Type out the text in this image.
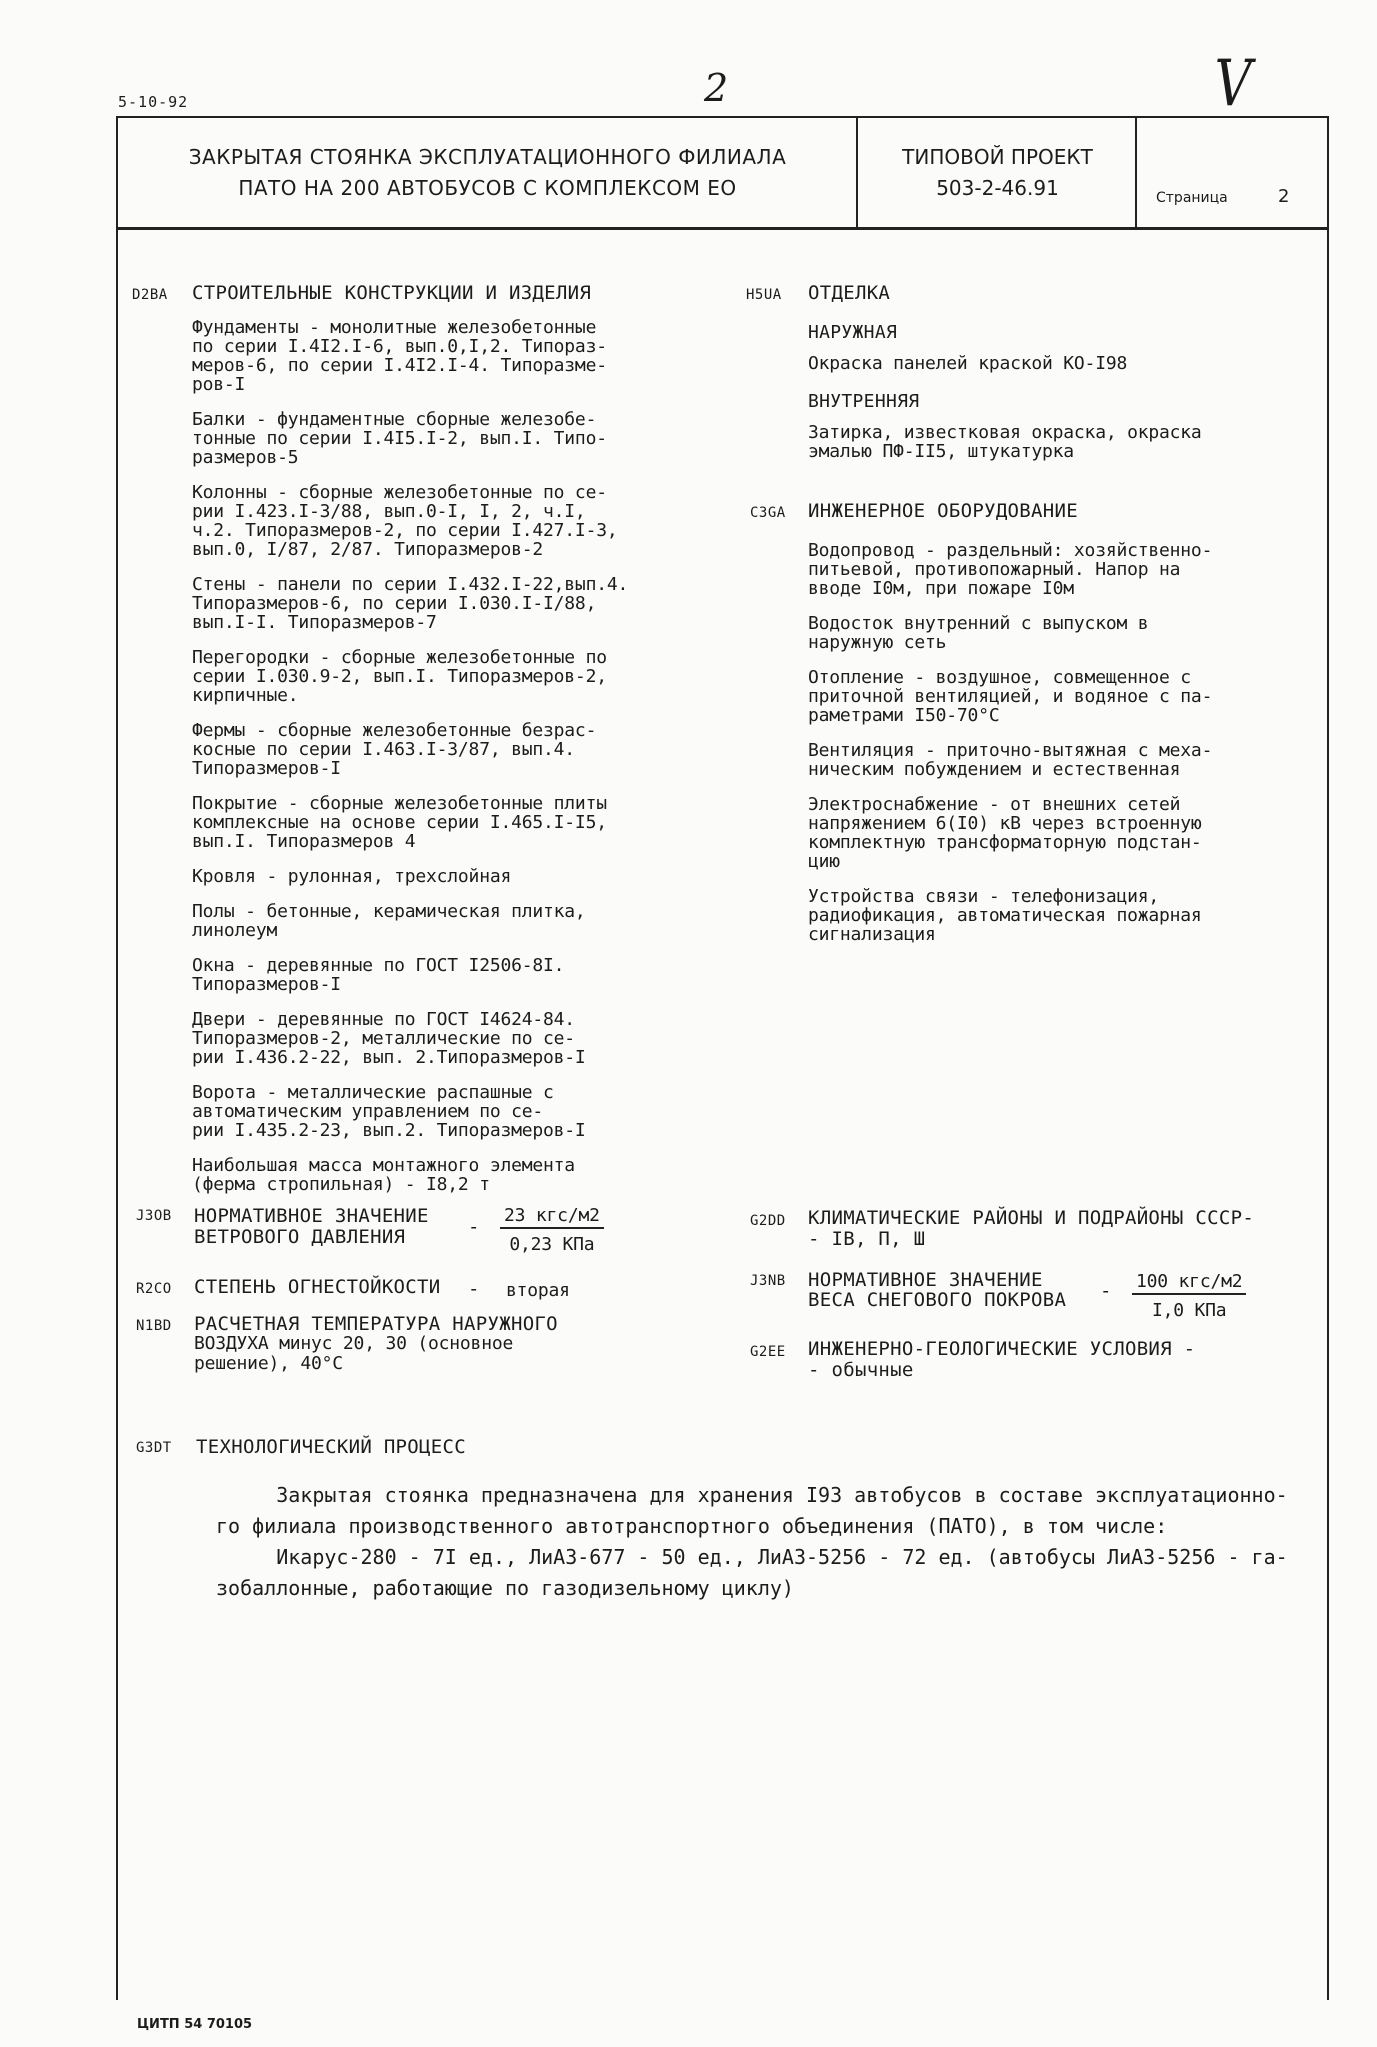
5-10-92	2	V
ЗАКРЫТАЯ СТОЯНКА ЭКСПЛУАТАЦИОННОГО ФИЛИАЛА
ПАТО НА 200 АВТОБУСОВ С КОМПЛЕКСОМ ЕО
ТИПОВОЙ ПРОЕКТ
503-2-46.91	Страница	2
D2BA СТРОИТЕЛЬНЫЕ КОНСТРУКЦИИ И ИЗДЕЛИЯ
Фундаменты - монолитные железобетонные
по серии I.4I2.I-6, вып.0,I,2. Типораз-
меров-6, по серии I.4I2.I-4. Типоразме-
ров-I
Балки - фундаментные сборные железобе-
тонные по серии I.4I5.I-2, вып.I. Типо-
размеров-5
Колонны - сборные железобетонные по се-
рии I.423.I-3/88, вып.0-I, I, 2, ч.I,
ч.2. Типоразмеров-2, по серии I.427.I-3,
вып.0, I/87, 2/87. Типоразмеров-2
Стены - панели по серии I.432.I-22,вып.4.
Типоразмеров-6, по серии I.030.I-I/88,
вып.I-I. Типоразмеров-7
Перегородки - сборные железобетонные по
серии I.030.9-2, вып.I. Типоразмеров-2,
кирпичные.
Фермы - сборные железобетонные безрас-
косные по серии I.463.I-3/87, вып.4.
Типоразмеров-I
Покрытие - сборные железобетонные плиты
комплексные на основе серии I.465.I-I5,
вып.I. Типоразмеров 4
Кровля - рулонная, трехслойная
Полы - бетонные, керамическая плитка,
линолеум
Окна - деревянные по ГОСТ I2506-8I.
Типоразмеров-I
Двери - деревянные по ГОСТ I4624-84.
Типоразмеров-2, металлические по се-
рии I.436.2-22, вып. 2.Типоразмеров-I
Ворота - металлические распашные с
автоматическим управлением по се-
рии I.435.2-23, вып.2. Типоразмеров-I
Наибольшая масса монтажного элемента
(ферма стропильная) - I8,2 т
H5UA ОТДЕЛКА
НАРУЖНАЯ
Окраска панелей краской КО-I98
ВНУТРЕННЯЯ
Затирка, известковая окраска, окраска
эмалью ПФ-II5, штукатурка
C3GA ИНЖЕНЕРНОЕ ОБОРУДОВАНИЕ
Водопровод - раздельный: хозяйственно-
питьевой, противопожарный. Напор на
вводе I0м, при пожаре I0м
Водосток внутренний с выпуском в
наружную сеть
Отопление - воздушное, совмещенное с
приточной вентиляцией, и водяное с па-
раметрами I50-70°С
Вентиляция - приточно-вытяжная с меха-
ническим побуждением и естественная
Электроснабжение - от внешних сетей
напряжением 6(I0) кВ через встроенную
комплектную трансформаторную подстан-
цию
Устройства связи - телефонизация,
радиофикация, автоматическая пожарная
сигнализация
J3OB НОРМАТИВНОЕ ЗНАЧЕНИЕ
ВЕТРОВОГО ДАВЛЕНИЯ	-
23 кгс/м2
0,23 КПа
R2CO СТЕПЕНЬ ОГНЕСТОЙКОСТИ - вторая
N1BD РАСЧЕТНАЯ ТЕМПЕРАТУРА НАРУЖНОГО
ВОЗДУХА минус 20, 30 (основное
решение), 40°С
G2DD КЛИМАТИЧЕСКИЕ РАЙОНЫ И ПОДРАЙОНЫ СССР-
- IВ, П, Ш
J3NB НОРМАТИВНОЕ ЗНАЧЕНИЕ
ВЕСА СНЕГОВОГО ПОКРОВА - 100 кгс/м2
I,0 КПа
G2EE ИНЖЕНЕРНО-ГЕОЛОГИЧЕСКИЕ УСЛОВИЯ -
- обычные
G3DT ТЕХНОЛОГИЧЕСКИЙ ПРОЦЕСС
Закрытая стоянка предназначена для хранения I93 автобусов в составе эксплуатационно-
го филиала производственного автотранспортного объединения (ПАТО), в том числе:
Икарус-280 - 7I ед., ЛиАЗ-677 - 50 ед., ЛиАЗ-5256 - 72 ед. (автобусы ЛиАЗ-5256 - га-
зобаллонные, работающие по газодизельному циклу)
ЦИТП 54 70105
